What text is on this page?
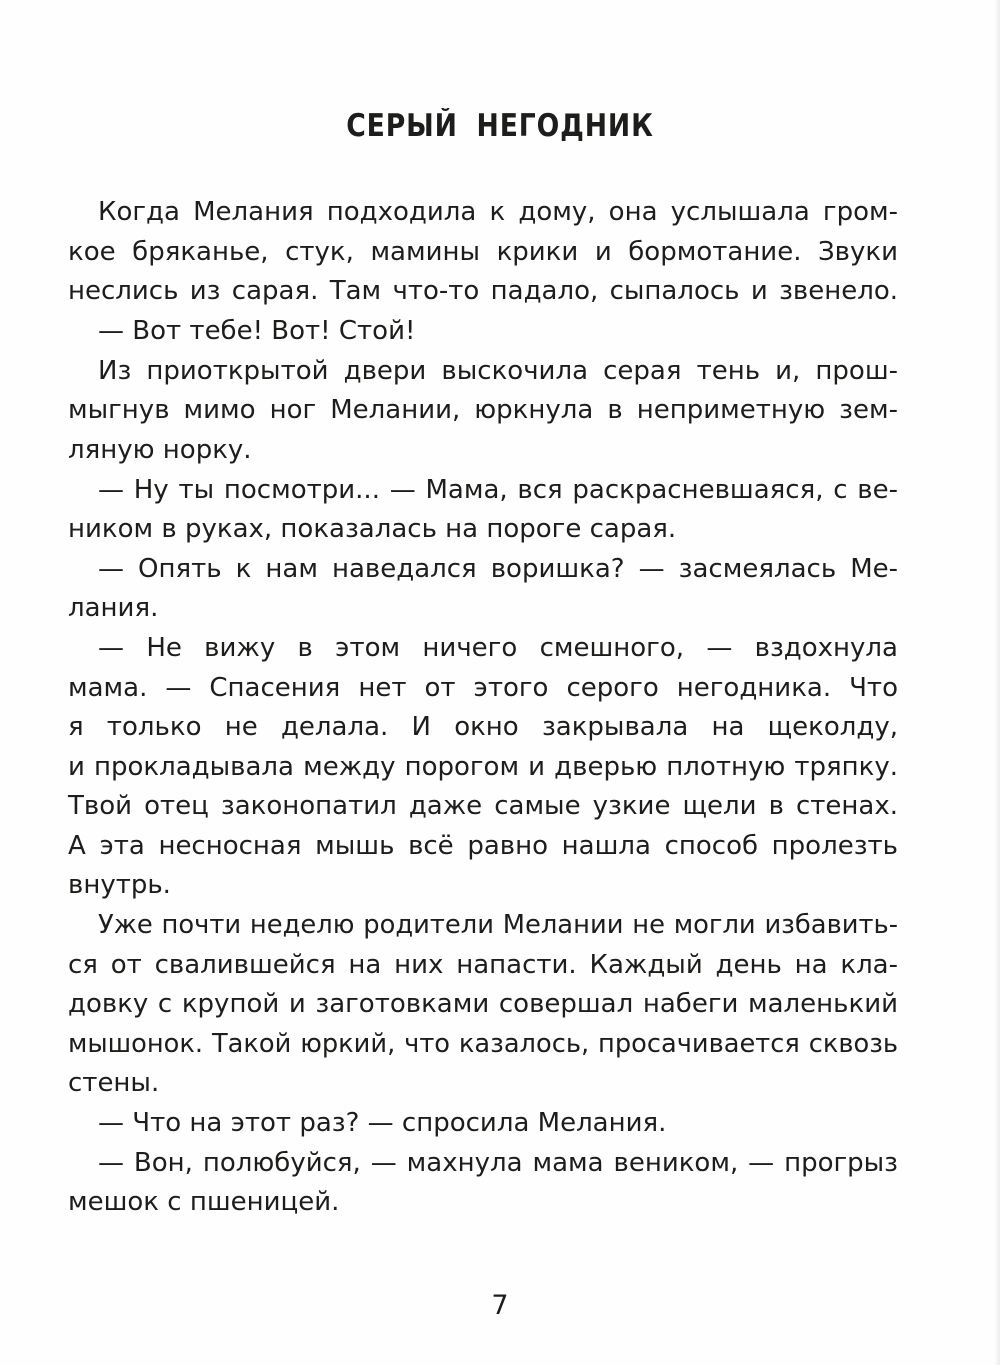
СЕРЫЙ НЕГОДНИК
Когда Мелания подходила к дому, она услышала гром-
кое бряканье, стук, мамины крики и бормотание. Звуки
неслись из сарая. Там что-то падало, сыпалось и звенело.
— Вот тебе! Вот! Стой!
Из приоткрытой двери выскочила серая тень и, прош-
мыгнув мимо ног Мелании, юркнула в неприметную зем-
ляную норку.
— Ну ты посмотри... — Мама, вся раскрасневшаяся, с ве-
ником в руках, показалась на пороге сарая.
— Опять к нам наведался воришка? — засмеялась Ме-
лания.
— Не вижу в этом ничего смешного, — вздохнула
мама. — Спасения нет от этого серого негодника. Что
я только не делала. И окно закрывала на щеколду,
и прокладывала между порогом и дверью плотную тряпку.
Твой отец законопатил даже самые узкие щели в стенах.
А эта несносная мышь всё равно нашла способ пролезть
внутрь.
Уже почти неделю родители Мелании не могли избавить-
ся от свалившейся на них напасти. Каждый день на кла-
довку с крупой и заготовками совершал набеги маленький
мышонок. Такой юркий, что казалось, просачивается сквозь
стены.
— Что на этот раз? — спросила Мелания.
— Вон, полюбуйся, — махнула мама веником, — прогрыз
мешок с пшеницей.
7
